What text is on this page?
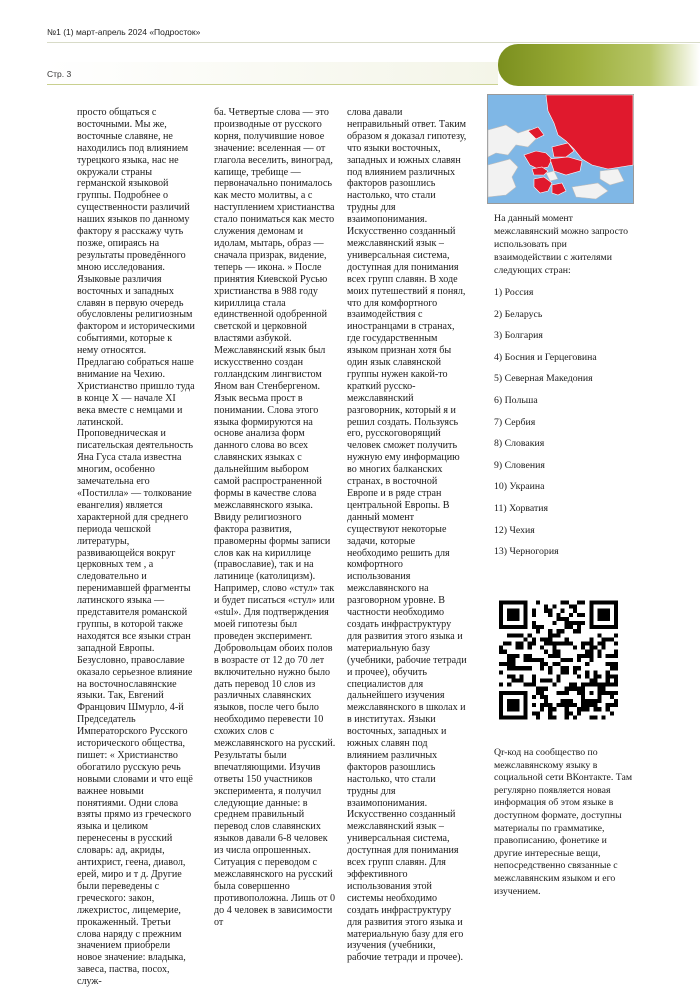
№1 (1) март-апрель 2024 «Подросток»
Стр. 3
просто общаться с восточными. Мы же, восточные славяне, не находились под влиянием турецкого языка, нас не окружали страны германской языковой группы. Подробнее о существенности различий наших языков по данному фактору я расскажу чуть позже, опираясь на результаты проведённого мною исследования. Языковые различия восточных и западных славян в первую очередь обусловлены религиозным фактором и историческими событиями, которые к нему относятся. Предлагаю собраться наше внимание на Чехию. Христианство пришло туда в конце X — начале XI века вместе с немцами и латинской. Проповедническая и писательская деятельность Яна Гуса стала известна многим, особенно замечательна его «Постилла» — толкование евангелия) является характерной для среднего периода чешской литературы, развивающейся вокруг церковных тем , а следовательно и перенимавшей фрагменты латинского языка — представителя романской группы, в которой также находятся все языки стран западной Европы. Безусловно, православие оказало серьезное влияние на восточнославянские языки. Так, Евгений Францович Шмурло, 4-й Председатель Императорского Русского исторического общества, пишет: « Христианство обогатило русскую речь новыми словами и что ещё важнее новыми понятиями. Одни слова взяты прямо из греческого языка и целиком перенесены в русский словарь: ад, акриды, антихрист, геена, диавол, ерей, миро и т д. Другие были переведены с греческого: закон, лжехристос, лицемерие, прокаженный. Третьи слова наряду с прежним значением приобрели новое значение: владыка, завеса, паства, посох, служ-
ба. Четвертые слова — это производные от русского корня, получившие новое значение: вселенная — от глагола веселить, виноград, капище, требище — первоначально понималось как место молитвы, а с наступлением христианства стало пониматься как место служения демонам и идолам, мытарь, образ — сначала призрак, видение, теперь — икона. » После принятия Киевской Русью христианства в 988 году кириллица стала единственной одобренной светской и церковной властями азбукой. Межславянский язык был искусственно создан голландским лингвистом Яном ван Стенбергеном. Язык весьма прост в понимании. Слова этого языка формируются на основе анализа форм данного слова во всех славянских языках с дальнейшим выбором самой распространенной формы в качестве слова межславянского языка. Ввиду религиозного фактора развития, правомерны формы записи слов как на кириллице (православие), так и на латинице (католицизм). Например, слово «стул» так и будет писаться «стул» или «stul». Для подтверждения моей гипотезы был проведен эксперимент. Добровольцам обоих полов в возрасте от 12 до 70 лет включительно нужно было дать перевод 10 слов из различных славянских языков, после чего было необходимо перевести 10 схожих слов с межславянского на русский. Результаты были впечатляющими. Изучив ответы 150 участников эксперимента, я получил следующие данные: в среднем правильный перевод слов славянских языков давали 6-8 человек из числа опрошенных. Ситуация с переводом с межславянского на русский была совершенно противоположна. Лишь от 0 до 4 человек в зависимости от
слова давали неправильный ответ. Таким образом я доказал гипотезу, что языки восточных, западных и южных славян под влиянием различных факторов разошлись настолько, что стали трудны для взаимопонимания. Искусственно созданный межславянский язык – универсальная система, доступная для понимания всех групп славян. В ходе моих путешествий я понял, что для комфортного взаимодействия с иностранцами в странах, где государственным языком признан хотя бы один язык славянской группы нужен какой-то краткий русско-межславянский разговорник, который я и решил создать. Пользуясь его, русскоговорящий человек сможет получить нужную ему информацию во многих балканских странах, в восточной Европе и в ряде стран центральной Европы. В данный момент существуют некоторые задачи, которые необходимо решить для комфортного использования межславянского на разговорном уровне. В частности необходимо создать инфраструктуру для развития этого языка и материальную базу (учебники, рабочие тетради и прочее), обучить специалистов для дальнейшего изучения межславянского в школах и в институтах. Языки восточных, западных и южных славян под влиянием различных факторов разошлись настолько, что стали трудны для взаимопонимания. Искусственно созданный межславянский язык – универсальная система, доступная для понимания всех групп славян. Для эффективного использования этой системы необходимо создать инфраструктуру для развития этого языка и материальную базу для его изучения (учебники, рабочие тетради и прочее).
На данный момент межславянский можно запросто использовать при взаимодействии с жителями следующих стран:
1) Россия
2) Беларусь
3) Болгария
4) Босния и Герцеговина
5) Северная Македония
6) Польша
7) Сербия
8) Словакия
9) Словения
10) Украина
11) Хорватия
12) Чехия
13) Черногория
Qr-код на сообщество по межславянскому языку в социальной сети ВКонтакте. Там регулярно появляется новая информация об этом языке в доступном формате, доступны материалы по грамматике, правописанию, фонетике и другие интересные вещи, непосредственно связанные с межславянским языком и его изучением.
